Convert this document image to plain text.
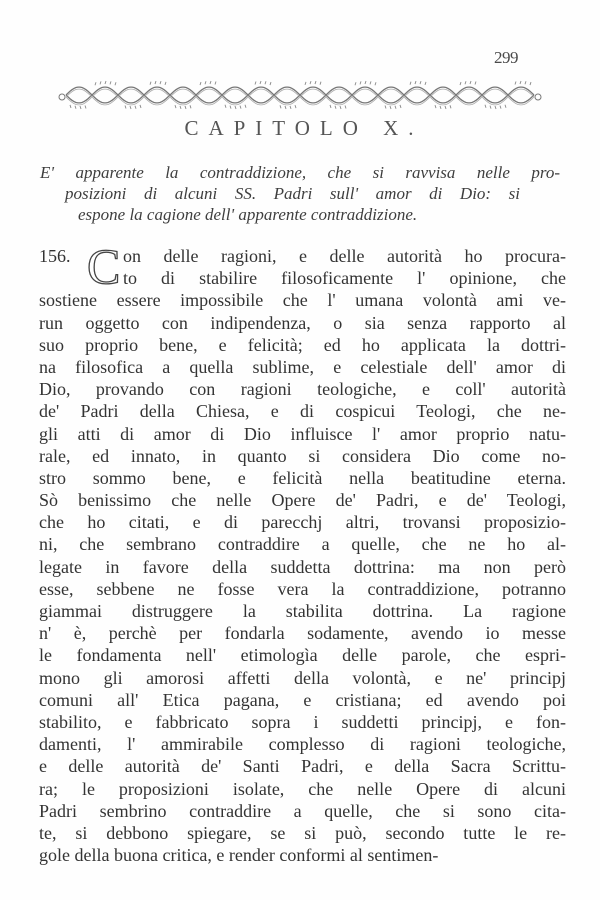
299
CAPITOLO X.
E' apparente la contraddizione, che si ravvisa nelle pro-
posizioni di alcuni SS. Padri sull' amor di Dio: si
espone la cagione dell' apparente contraddizione.
C
156.	on delle ragioni, e delle autorità ho procura-
to di stabilire filosoficamente l' opinione, che
sostiene essere impossibile che l' umana volontà ami ve-
run oggetto con indipendenza, o sia senza rapporto al
suo proprio bene, e felicità; ed ho applicata la dottri-
na filosofica a quella sublime, e celestiale dell' amor di
Dio, provando con ragioni teologiche, e coll' autorità
de' Padri della Chiesa, e di cospicui Teologi, che ne-
gli atti di amor di Dio influisce l' amor proprio natu-
rale, ed innato, in quanto si considera Dio come no-
stro sommo bene, e felicità nella beatitudine eterna.
Sò benissimo che nelle Opere de' Padri, e de' Teologi,
che ho citati, e di parecchj altri, trovansi proposizio-
ni, che sembrano contraddire a quelle, che ne ho al-
legate in favore della suddetta dottrina: ma non però
esse, sebbene ne fosse vera la contraddizione, potranno
giammai distruggere la stabilita dottrina. La ragione
n' è, perchè per fondarla sodamente, avendo io messe
le fondamenta nell' etimologìa delle parole, che espri-
mono gli amorosi affetti della volontà, e ne' principj
comuni all' Etica pagana, e cristiana; ed avendo poi
stabilito, e fabbricato sopra i suddetti principj, e fon-
damenti, l' ammirabile complesso di ragioni teologiche,
e delle autorità de' Santi Padri, e della Sacra Scrittu-
ra; le proposizioni isolate, che nelle Opere di alcuni
Padri sembrino contraddire a quelle, che si sono cita-
te, si debbono spiegare, se si può, secondo tutte le re-
gole della buona critica, e render conformi al sentimen-
